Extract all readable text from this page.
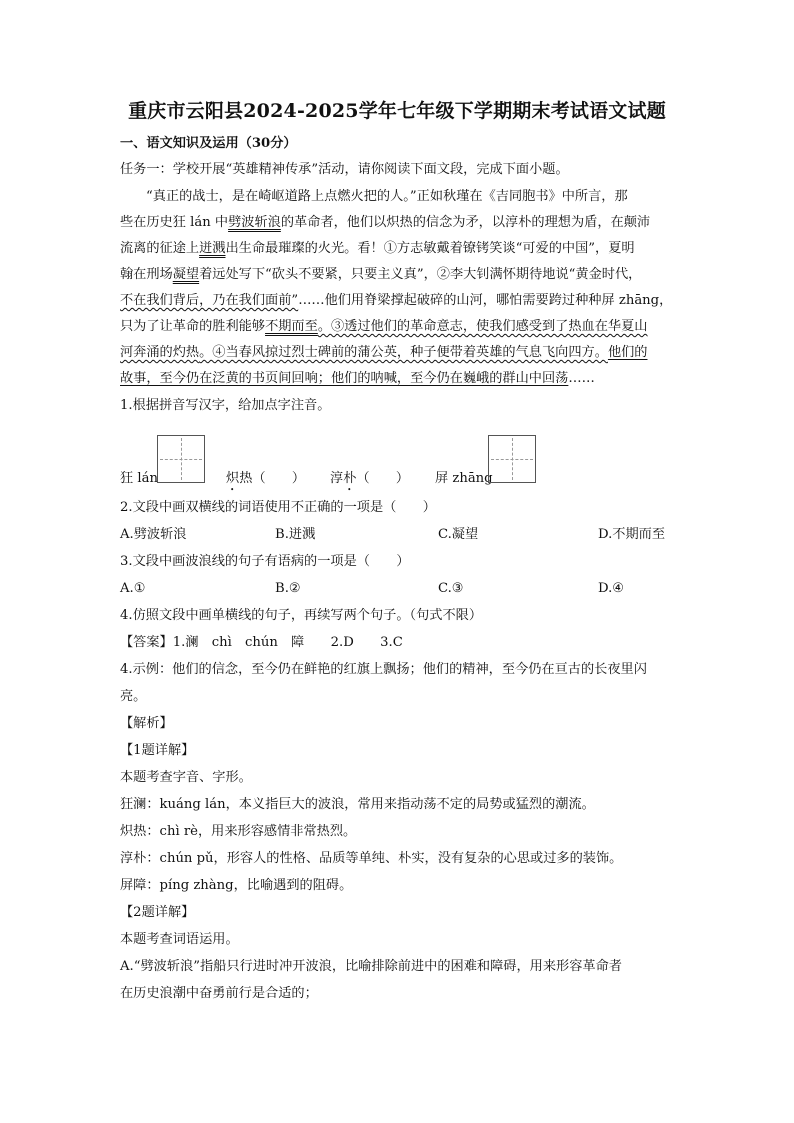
重庆市云阳县2024-2025学年七年级下学期期末考试语文试题
一、语文知识及运用（30分）
任务一：学校开展“英雄精神传承”活动，请你阅读下面文段，完成下面小题。
“真正的战士，是在崎岖道路上点燃火把的人。”正如秋瑾在《吉同胞书》中所言，那
些在历史狂 lán 中劈波斩浪的革命者，他们以炽热的信念为矛，以淳朴的理想为盾，在颠沛
流离的征途上迸溅出生命最璀璨的火光。看！①方志敏戴着镣铐笑谈“可爱的中国”，夏明
翰在刑场凝望着远处写下“砍头不要紧，只要主义真”，②李大钊满怀期待地说“黄金时代，
不在我们背后，乃在我们面前”……他们用脊梁撑起破碎的山河，哪怕需要跨过种种屏 zhāng，
只为了让革命的胜利能够不期而至。③透过他们的革命意志，使我们感受到了热血在华夏山
河奔涌的灼热。④当春风掠过烈士碑前的蒲公英，种子便带着英雄的气息飞向四方。他们的
故事，至今仍在泛黄的书页间回响；他们的呐喊，至今仍在巍峨的群山中回荡……
1.根据拼音写汉字，给加点字注音。
狂 lán	炽热（　　） 淳朴（　　） 屏 zhāng
2.文段中画双横线的词语使用不正确的一项是（　　）
A.劈波斩浪	B.迸溅	C.凝望	D.不期而至
3.文段中画波浪线的句子有语病的一项是（　　）
A.①	B.②	C.③	D.④
4.仿照文段中画单横线的句子，再续写两个句子。（句式不限）
【答案】1.澜　chì　chún　障　　2.D　　3.C
4.示例：他们的信念，至今仍在鲜艳的红旗上飘扬；他们的精神，至今仍在亘古的长夜里闪
亮。
【解析】
【1题详解】
本题考查字音、字形。
狂澜：kuáng lán，本义指巨大的波浪，常用来指动荡不定的局势或猛烈的潮流。
炽热：chì rè，用来形容感情非常热烈。
淳朴：chún pǔ，形容人的性格、品质等单纯、朴实，没有复杂的心思或过多的装饰。
屏障：píng zhàng，比喻遇到的阻碍。
【2题详解】
本题考查词语运用。
A.“劈波斩浪”指船只行进时冲开波浪，比喻排除前进中的困难和障碍，用来形容革命者
在历史浪潮中奋勇前行是合适的；
